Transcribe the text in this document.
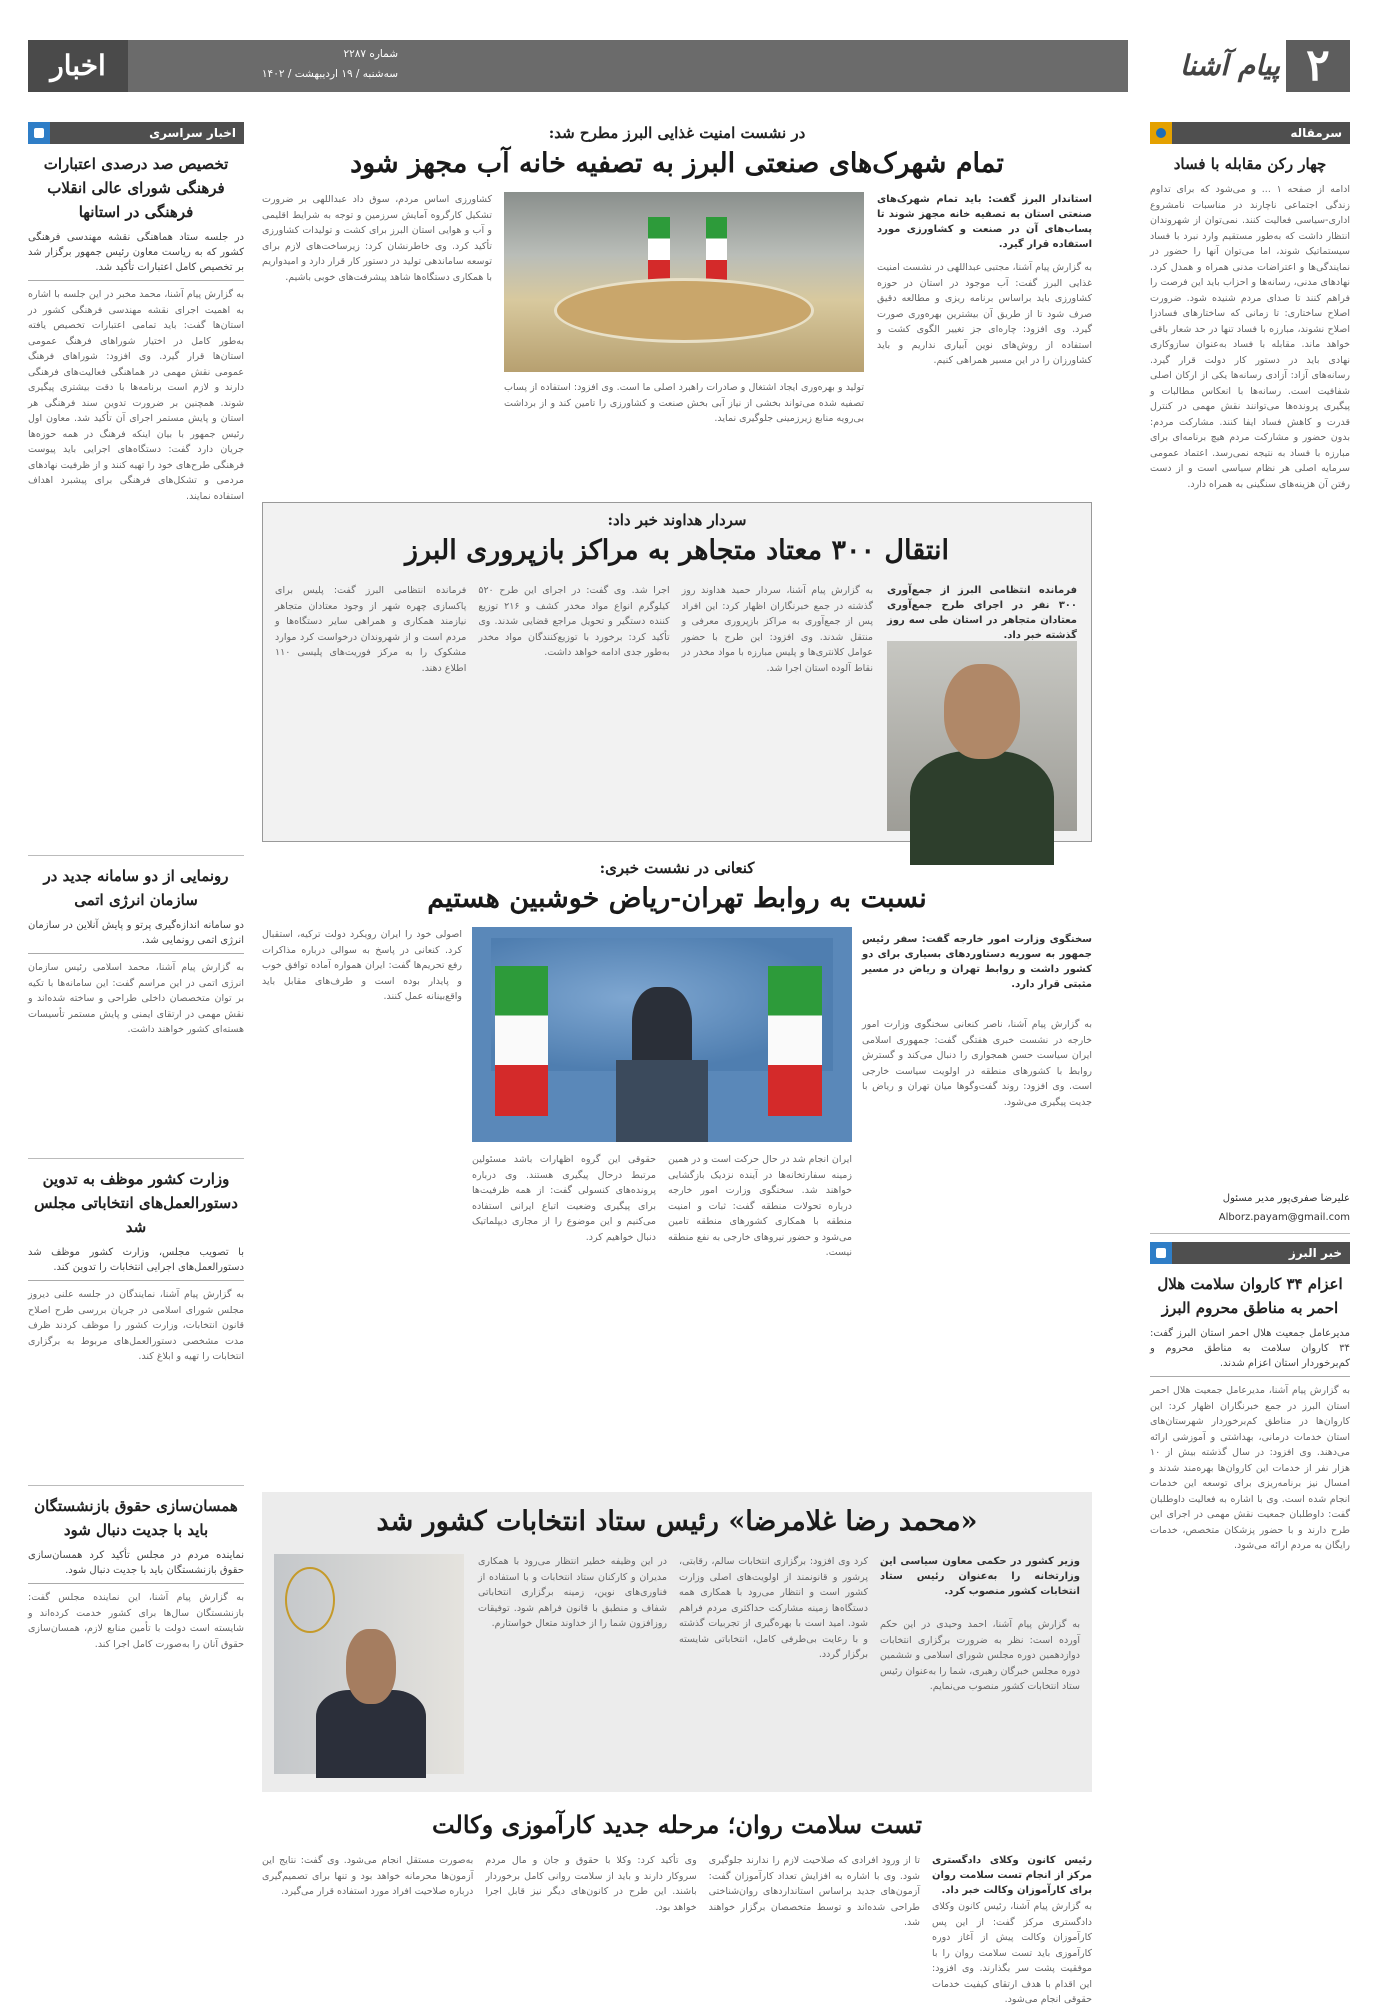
۲
پیام آشنا
شماره ۲۲۸۷
سه‌شنبه / ۱۹ اردیبهشت / ۱۴۰۲
اخبار
سرمقاله
چهار رکن مقابله با فساد
ادامه از صفحه ۱ ... و می‌شود که برای تداوم زندگی اجتماعی ناچارند در مناسبات نامشروع اداری-سیاسی فعالیت کنند. نمی‌توان از شهروندان انتظار داشت که به‌طور مستقیم وارد نبرد با فساد سیستماتیک شوند، اما می‌توان آنها را حضور در نمایندگی‌ها و اعتراضات مدنی همراه و همدل کرد. نهادهای مدنی، رسانه‌ها و احزاب باید این فرصت را فراهم کنند تا صدای مردم شنیده شود. ضرورت اصلاح ساختاری: تا زمانی که ساختارهای فسادزا اصلاح نشوند، مبارزه با فساد تنها در حد شعار باقی خواهد ماند. مقابله با فساد به‌عنوان سازوکاری نهادی باید در دستور کار دولت قرار گیرد. رسانه‌های آزاد: آزادی رسانه‌ها یکی از ارکان اصلی شفافیت است. رسانه‌ها با انعکاس مطالبات و پیگیری پرونده‌ها می‌توانند نقش مهمی در کنترل قدرت و کاهش فساد ایفا کنند. مشارکت مردم: بدون حضور و مشارکت مردم هیچ برنامه‌ای برای مبارزه با فساد به نتیجه نمی‌رسد. اعتماد عمومی سرمایه اصلی هر نظام سیاسی است و از دست رفتن آن هزینه‌های سنگینی به همراه دارد.
علیرضا صفری‌پور مدیر مسئول
Alborz.payam@gmail.com
خبر البرز
اعزام ۳۴ کاروان سلامت هلال احمر به مناطق محروم البرز
مدیرعامل جمعیت هلال احمر استان البرز گفت: ۳۴ کاروان سلامت به مناطق محروم و کم‌برخوردار استان اعزام شدند.
به گزارش پیام آشنا، مدیرعامل جمعیت هلال احمر استان البرز در جمع خبرنگاران اظهار کرد: این کاروان‌ها در مناطق کم‌برخوردار شهرستان‌های استان خدمات درمانی، بهداشتی و آموزشی ارائه می‌دهند. وی افزود: در سال گذشته بیش از ۱۰ هزار نفر از خدمات این کاروان‌ها بهره‌مند شدند و امسال نیز برنامه‌ریزی برای توسعه این خدمات انجام شده است. وی با اشاره به فعالیت داوطلبان گفت: داوطلبان جمعیت نقش مهمی در اجرای این طرح دارند و با حضور پزشکان متخصص، خدمات رایگان به مردم ارائه می‌شود.
اخبار سراسری
تخصیص صد درصدی اعتبارات فرهنگی شورای عالی انقلاب فرهنگی در استانها
در جلسه ستاد هماهنگی نقشه مهندسی فرهنگی کشور که به ریاست معاون رئیس جمهور برگزار شد بر تخصیص کامل اعتبارات تأکید شد.
به گزارش پیام آشنا، محمد مخبر در این جلسه با اشاره به اهمیت اجرای نقشه مهندسی فرهنگی کشور در استان‌ها گفت: باید تمامی اعتبارات تخصیص یافته به‌طور کامل در اختیار شوراهای فرهنگ عمومی استان‌ها قرار گیرد. وی افزود: شوراهای فرهنگ عمومی نقش مهمی در هماهنگی فعالیت‌های فرهنگی دارند و لازم است برنامه‌ها با دقت بیشتری پیگیری شوند. همچنین بر ضرورت تدوین سند فرهنگی هر استان و پایش مستمر اجرای آن تأکید شد. معاون اول رئیس جمهور با بیان اینکه فرهنگ در همه حوزه‌ها جریان دارد گفت: دستگاه‌های اجرایی باید پیوست فرهنگی طرح‌های خود را تهیه کنند و از ظرفیت نهادهای مردمی و تشکل‌های فرهنگی برای پیشبرد اهداف استفاده نمایند.
رونمایی از دو سامانه جدید در سازمان انرژی اتمی
دو سامانه اندازه‌گیری پرتو و پایش آنلاین در سازمان انرژی اتمی رونمایی شد.
به گزارش پیام آشنا، محمد اسلامی رئیس سازمان انرژی اتمی در این مراسم گفت: این سامانه‌ها با تکیه بر توان متخصصان داخلی طراحی و ساخته شده‌اند و نقش مهمی در ارتقای ایمنی و پایش مستمر تأسیسات هسته‌ای کشور خواهند داشت.
وزارت کشور موظف به تدوین دستورالعمل‌های انتخاباتی مجلس شد
با تصویب مجلس، وزارت کشور موظف شد دستورالعمل‌های اجرایی انتخابات را تدوین کند.
به گزارش پیام آشنا، نمایندگان در جلسه علنی دیروز مجلس شورای اسلامی در جریان بررسی طرح اصلاح قانون انتخابات، وزارت کشور را موظف کردند ظرف مدت مشخصی دستورالعمل‌های مربوط به برگزاری انتخابات را تهیه و ابلاغ کند.
همسان‌سازی حقوق بازنشستگان باید با جدیت دنبال شود
نماینده مردم در مجلس تأکید کرد همسان‌سازی حقوق بازنشستگان باید با جدیت دنبال شود.
به گزارش پیام آشنا، این نماینده مجلس گفت: بازنشستگان سال‌ها برای کشور خدمت کرده‌اند و شایسته است دولت با تأمین منابع لازم، همسان‌سازی حقوق آنان را به‌صورت کامل اجرا کند.
در نشست امنیت غذایی البرز مطرح شد:
تمام شهرک‌های صنعتی البرز به تصفیه خانه آب مجهز شود
استاندار البرز گفت: باید تمام شهرک‌های صنعتی استان به تصفیه خانه مجهز شوند تا پساب‌های آن در صنعت و کشاورزی مورد استفاده قرار گیرد.
به گزارش پیام آشنا، مجتبی عبداللهی در نشست امنیت غذایی البرز گفت: آب موجود در استان در حوزه کشاورزی باید براساس برنامه ریزی و مطالعه دقیق صرف شود تا از طریق آن بیشترین بهره‌وری صورت گیرد. وی افزود: چاره‌ای جز تغییر الگوی کشت و استفاده از روش‌های نوین آبیاری نداریم و باید کشاورزان را در این مسیر همراهی کنیم.
تولید و بهره‌وری ایجاد اشتغال و صادرات راهبرد اصلی ما است. وی افزود: استفاده از پساب تصفیه شده می‌تواند بخشی از نیاز آبی بخش صنعت و کشاورزی را تامین کند و از برداشت بی‌رویه منابع زیرزمینی جلوگیری نماید.
کشاورزی اساس مردم، سوق داد عبداللهی بر ضرورت تشکیل کارگروه آمایش سرزمین و توجه به شرایط اقلیمی و آب و هوایی استان البرز برای کشت و تولیدات کشاورزی تأکید کرد. وی خاطرنشان کرد: زیرساخت‌های لازم برای توسعه ساماندهی تولید در دستور کار قرار دارد و امیدواریم با همکاری دستگاه‌ها شاهد پیشرفت‌های خوبی باشیم.
سردار هداوند خبر داد:
انتقال ۳۰۰ معتاد متجاهر به مراکز بازپروری البرز
فرمانده انتظامی البرز از جمع‌آوری ۳۰۰ نفر در اجرای طرح جمع‌آوری معتادان متجاهر در استان طی سه روز گذشته خبر داد.
به گزارش پیام آشنا، سردار حمید هداوند روز گذشته در جمع خبرنگاران اظهار کرد: این افراد پس از جمع‌آوری به مراکز بازپروری معرفی و منتقل شدند. وی افزود: این طرح با حضور عوامل کلانتری‌ها و پلیس مبارزه با مواد مخدر در نقاط آلوده استان اجرا شد.
اجرا شد. وی گفت: در اجرای این طرح ۵۲۰ کیلوگرم انواع مواد مخدر کشف و ۲۱۶ توزیع کننده دستگیر و تحویل مراجع قضایی شدند. وی تأکید کرد: برخورد با توزیع‌کنندگان مواد مخدر به‌طور جدی ادامه خواهد داشت.
فرمانده انتظامی البرز گفت: پلیس برای پاکسازی چهره شهر از وجود معتادان متجاهر نیازمند همکاری و همراهی سایر دستگاه‌ها و مردم است و از شهروندان درخواست کرد موارد مشکوک را به مرکز فوریت‌های پلیسی ۱۱۰ اطلاع دهند.
کنعانی در نشست خبری:
نسبت به روابط تهران-ریاض خوشبین هستیم
سخنگوی وزارت امور خارجه گفت: سفر رئیس جمهور به سوریه دستاوردهای بسیاری برای دو کشور داشت و روابط تهران و ریاض در مسیر مثبتی قرار دارد.
به گزارش پیام آشنا، ناصر کنعانی سخنگوی وزارت امور خارجه در نشست خبری هفتگی گفت: جمهوری اسلامی ایران سیاست حسن همجواری را دنبال می‌کند و گسترش روابط با کشورهای منطقه در اولویت سیاست خارجی است. وی افزود: روند گفت‌وگوها میان تهران و ریاض با جدیت پیگیری می‌شود.
ایران انجام شد در حال حرکت است و در همین زمینه سفارتخانه‌ها در آینده نزدیک بازگشایی خواهند شد. سخنگوی وزارت امور خارجه درباره تحولات منطقه گفت: ثبات و امنیت منطقه با همکاری کشورهای منطقه تامین می‌شود و حضور نیروهای خارجی به نفع منطقه نیست.
حقوقی این گروه اظهارات باشد مسئولین مرتبط درحال پیگیری هستند. وی درباره پرونده‌های کنسولی گفت: از همه ظرفیت‌ها برای پیگیری وضعیت اتباع ایرانی استفاده می‌کنیم و این موضوع را از مجاری دیپلماتیک دنبال خواهیم کرد.
اصولی خود را ایران رویکرد دولت ترکیه، استقبال کرد. کنعانی در پاسخ به سوالی درباره مذاکرات رفع تحریم‌ها گفت: ایران همواره آماده توافق خوب و پایدار بوده است و طرف‌های مقابل باید واقع‌بینانه عمل کنند.
«محمد رضا غلامرضا» رئیس ستاد انتخابات کشور شد
وزیر کشور در حکمی معاون سیاسی این وزارتخانه را به‌عنوان رئیس ستاد انتخابات کشور منصوب کرد.
به گزارش پیام آشنا، احمد وحیدی در این حکم آورده است: نظر به ضرورت برگزاری انتخابات دوازدهمین دوره مجلس شورای اسلامی و ششمین دوره مجلس خبرگان رهبری، شما را به‌عنوان رئیس ستاد انتخابات کشور منصوب می‌نمایم.
کرد وی افزود: برگزاری انتخابات سالم، رقابتی، پرشور و قانونمند از اولویت‌های اصلی وزارت کشور است و انتظار می‌رود با همکاری همه دستگاه‌ها زمینه مشارکت حداکثری مردم فراهم شود. امید است با بهره‌گیری از تجربیات گذشته و با رعایت بی‌طرفی کامل، انتخاباتی شایسته برگزار گردد.
در این وظیفه خطیر انتظار می‌رود با همکاری مدیران و کارکنان ستاد انتخابات و با استفاده از فناوری‌های نوین، زمینه برگزاری انتخاباتی شفاف و منطبق با قانون فراهم شود. توفیقات روزافزون شما را از خداوند متعال خواستارم.
تست سلامت روان؛ مرحله جدید کارآموزی وکالت
رئیس کانون وکلای دادگستری مرکز از انجام تست سلامت روان برای کارآموزان وکالت خبر داد.
به گزارش پیام آشنا، رئیس کانون وکلای دادگستری مرکز گفت: از این پس کارآموزان وکالت پیش از آغاز دوره کارآموزی باید تست سلامت روان را با موفقیت پشت سر بگذارند. وی افزود: این اقدام با هدف ارتقای کیفیت خدمات حقوقی انجام می‌شود.
تا از ورود افرادی که صلاحیت لازم را ندارند جلوگیری شود. وی با اشاره به افزایش تعداد کارآموزان گفت: آزمون‌های جدید براساس استانداردهای روان‌شناختی طراحی شده‌اند و توسط متخصصان برگزار خواهند شد.
وی تأکید کرد: وکلا با حقوق و جان و مال مردم سروکار دارند و باید از سلامت روانی کامل برخوردار باشند. این طرح در کانون‌های دیگر نیز قابل اجرا خواهد بود.
به‌صورت مستقل انجام می‌شود. وی گفت: نتایج این آزمون‌ها محرمانه خواهد بود و تنها برای تصمیم‌گیری درباره صلاحیت افراد مورد استفاده قرار می‌گیرد.
